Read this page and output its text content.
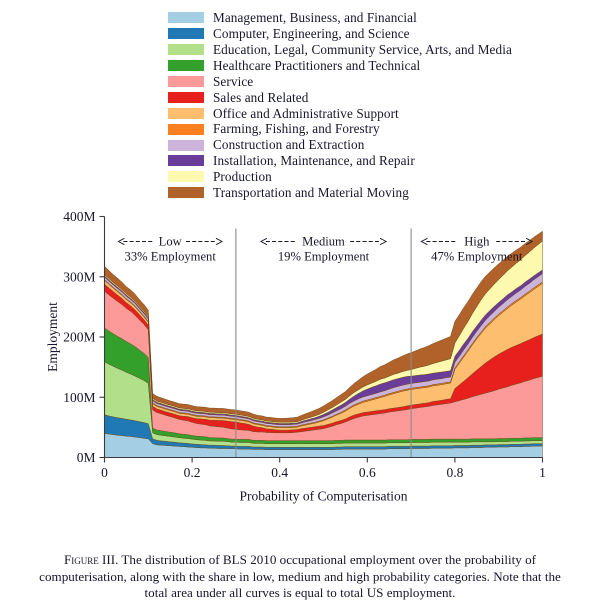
Management, Business, and Financial
Computer, Engineering, and Science
Education, Legal, Community Service, Arts, and Media
Healthcare Practitioners and Technical
Service
Sales and Related
Office and Administrative Support
Farming, Fishing, and Forestry
Construction and Extraction
Installation, Maintenance, and Repair
Production
Transportation and Material Moving
0M
100M
200M
300M
400M
0	0.2	0.4	0.6	0.8	1
Probability of Computerisation
Employment
Low
33% Employment
Medium
19% Employment
High
47% Employment
Figure III. The distribution of BLS 2010 occupational employment over the probability of computerisation, along with the share in low, medium and high probability categories. Note that the total area under all curves is equal to total US employment.
